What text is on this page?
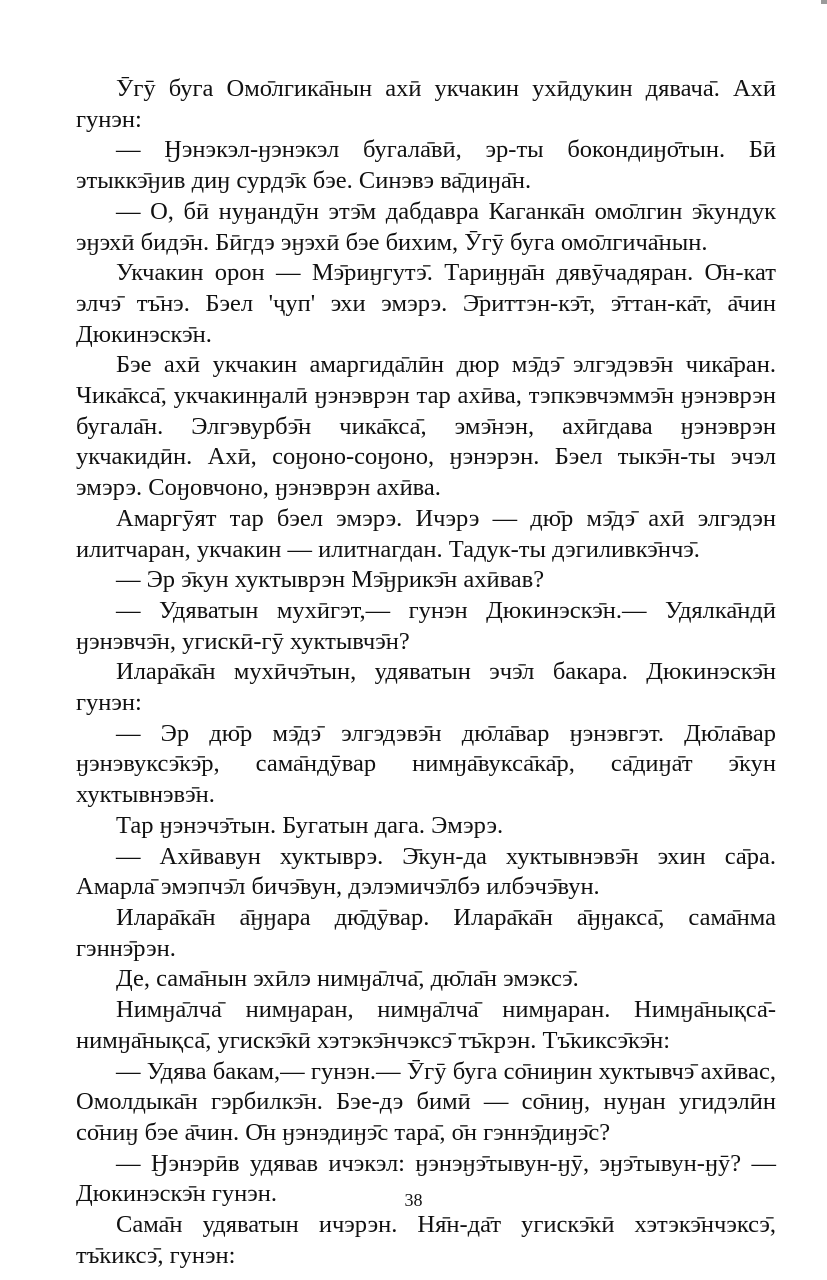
Ӯгӯ буга Омо̄лгика̄нын ахӣ укчакин ухӣдукин дявача̄. Ахӣ гунэн:

— Ӈэнэкэл-ӈэнэкэл бугала̄вӣ, эр-ты бокондиӈо̄тын. Бӣ этыккэ̄ӈив диӈ сурдэ̄к бэе. Синэвэ ва̄диӈа̄н.

— О, бӣ нуӈандӯн этэ̄м дабдавра Каганка̄н омо̄лгин э̄кундук эӈэхӣ бидэ̄н. Бӣгдэ эӈэхӣ бэе бихим, Ӯгӯ буга омо̄лгича̄нын.

Укчакин орон — Мэ̄риӈгутэ̄. Тариӈӈа̄н дявӯчадяран. О̄н-кат элчэ̄ тъ̄нэ. Бэел 'ҷуп' эхи эмэрэ. Э̄риттэн-кэ̄т, э̄ттан-ка̄т, а̄чин Дюкинэскэ̄н.

Бэе ахӣ укчакин амаргида̄лӣн дюр мэ̄дэ̄ элгэдэвэ̄н чика̄ран. Чика̄кса̄, укчакинӈалӣ ӈэнэврэн тар ахӣва, тэпкэвчэммэ̄н ӈэнэврэн бугала̄н. Элгэвурбэ̄н чика̄кса̄, эмэ̄нэн, ахӣгдава ӈэнэврэн укчакидӣн. Ахӣ, соӈоно-соӈоно, ӈэнэрэн. Бэел тыкэ̄н-ты эчэл эмэрэ. Соӈовчоно, ӈэнэврэн ахӣва.

Амаргӯят тар бэел эмэрэ. Ичэрэ — дю̄р мэ̄дэ̄ ахӣ элгэдэн илитчаран, укчакин — илитнагдан. Тадук-ты дэгиливкэ̄нчэ̄.

— Эр э̄кун хуктыврэн Мэ̄ӈрикэ̄н ахӣвав?

— Удяватын мухӣгэт,— гунэн Дюкинэскэ̄н.— Удялка̄ндӣ ӈэнэвчэ̄н, угискӣ-гӯ хуктывчэ̄н?

Илара̄ка̄н мухӣчэ̄тын, удяватын эчэ̄л бакара. Дюкинэскэ̄н гунэн:

— Эр дю̄р мэ̄дэ̄ элгэдэвэ̄н дю̄ла̄вар ӈэнэвгэт. Дю̄ла̄вар ӈэнэвуксэ̄кэ̄р, сама̄ндӯвар нимӈа̄вукса̄ка̄р, са̄диӈа̄т э̄кун хуктывнэвэ̄н.

Тар ӈэнэчэ̄тын. Бугатын дага. Эмэрэ.

— Ахӣвавун хуктыврэ. Э̄кун-да хуктывнэвэ̄н эхин са̄ра. Амарла̄ эмэпчэ̄л бичэ̄вун, дэлэмичэ̄лбэ илбэчэ̄вун.

Илара̄ка̄н а̄ӈӈара дю̄дӯвар. Илара̄ка̄н а̄ӈӈакса̄, сама̄нма гэннэ̄рэн.

Де, сама̄нын эхӣлэ нимӈа̄лча̄, дю̄ла̄н эмэксэ̄.

Нимӈа̄лча̄ нимӈаран, нимӈа̄лча̄ нимӈаран. Нимӈа̄нықса̄-нимӈа̄нықса̄, угискэ̄кӣ хэтэкэ̄нчэксэ̄ тъ̄крэн. Тъ̄киксэ̄кэ̄н:

— Удява бакам,— гунэн.— Ӯгӯ буга со̄ниӈин хуктывчэ̄ ахӣвас, Омолдыка̄н гэрбилкэ̄н. Бэе-дэ бимӣ — со̄ниӈ, нуӈан угидэлӣн со̄ниӈ бэе а̄чин. О̄н ӈэнэдиӈэ̄с тара̄, о̄н гэннэ̄диӈэ̄с?

— Ӈэнэрӣв удявав ичэкэл: ӈэнэӈэ̄тывун-ӈӯ, эӈэ̄тывун-ӈӯ? — Дюкинэскэ̄н гунэн.

Сама̄н удяватын ичэрэн. Ня̄н-да̄т угискэ̄кӣ хэтэкэ̄нчэксэ̄, тъ̄киксэ̄, гунэн:

38
